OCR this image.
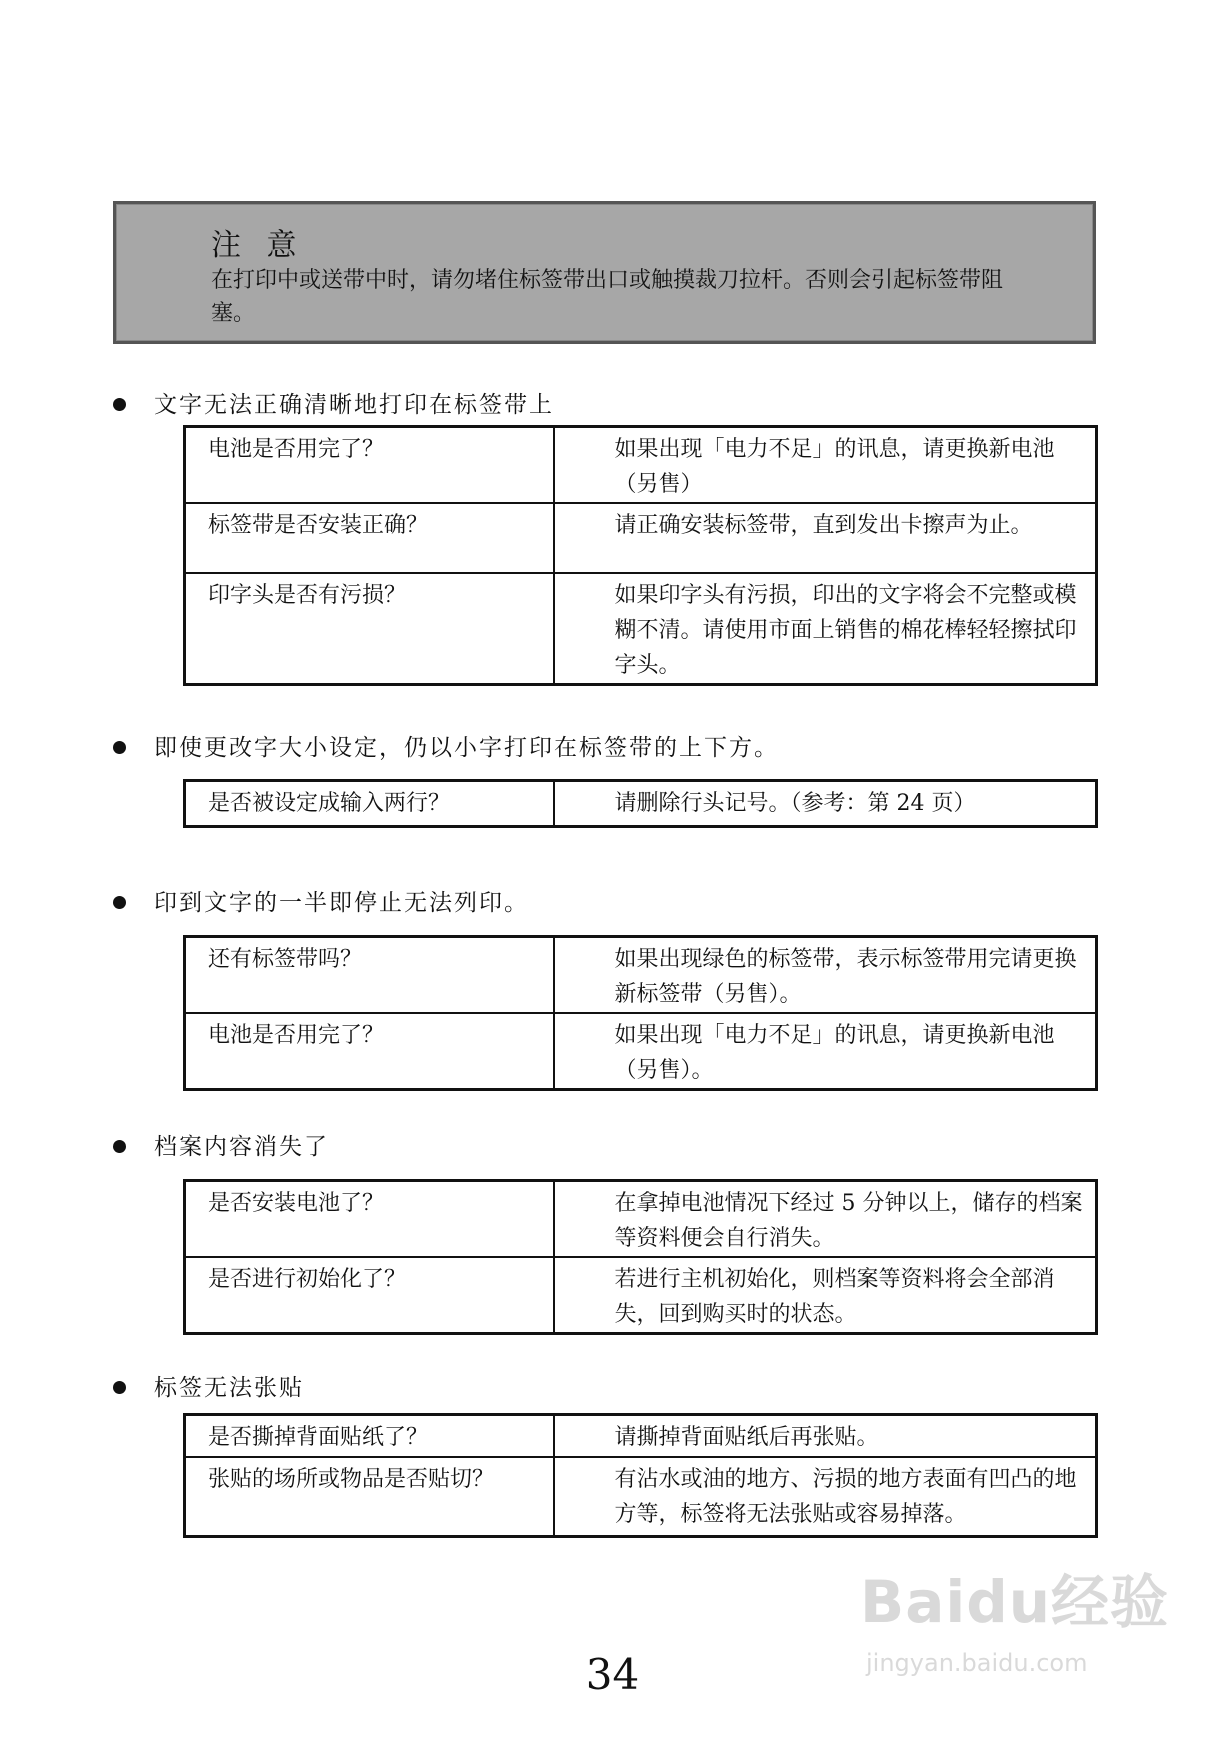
注 意
在打印中或送带中时，请勿堵住标签带出口或触摸裁刀拉杆。否则会引起标签带阻塞。
文字无法正确清晰地打印在标签带上
电池是否用完了？	如果出现「电力不足」的讯息，请更换新电池（另售）
标签带是否安装正确？	请正确安装标签带，直到发出卡擦声为止。
印字头是否有污损？	如果印字头有污损，印出的文字将会不完整或模糊不清。请使用市面上销售的棉花棒轻轻擦拭印字头。
即使更改字大小设定，仍以小字打印在标签带的上下方。
是否被设定成输入两行？	请删除行头记号。（参考：第 24 页）
印到文字的一半即停止无法列印。
还有标签带吗？	如果出现绿色的标签带，表示标签带用完请更换新标签带（另售）。
电池是否用完了？	如果出现「电力不足」的讯息，请更换新电池（另售）。
档案内容消失了
是否安装电池了？	在拿掉电池情况下经过 5 分钟以上，储存的档案等资料便会自行消失。
是否进行初始化了？	若进行主机初始化，则档案等资料将会全部消失，回到购买时的状态。
标签无法张贴
是否撕掉背面贴纸了？	请撕掉背面贴纸后再张贴。
张贴的场所或物品是否贴切？	有沾水或油的地方、污损的地方表面有凹凸的地方等，标签将无法张贴或容易掉落。
34
Baidu经验
jingyan.baidu.com
